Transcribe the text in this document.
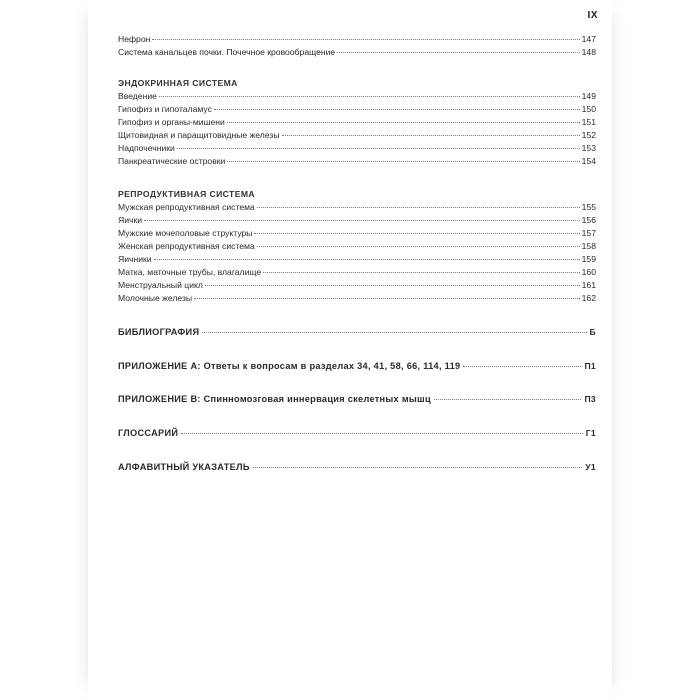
IX
Нефрон	147
Система канальцев почки. Почечное кровообращение	148
ЭНДОКРИННАЯ СИСТЕМА
Введение	149
Гипофиз и гипоталамус	150
Гипофиз и органы-мишени	151
Щитовидная и паращитовидные железы	152
Надпочечники	153
Панкреатические островки	154
РЕПРОДУКТИВНАЯ СИСТЕМА
Мужская репродуктивная система	155
Яички	156
Мужские мочеполовые структуры	157
Женская репродуктивная система	158
Яичники	159
Матка, маточные трубы, влагалище	160
Менструальный цикл	161
Молочные железы	162
БИБЛИОГРАФИЯ	Б
ПРИЛОЖЕНИЕ А: Ответы к вопросам в разделах 34, 41, 58, 66, 114, 119	П1
ПРИЛОЖЕНИЕ В: Спинномозговая иннервация скелетных мышц	П3
ГЛОССАРИЙ	Г1
АЛФАВИТНЫЙ УКАЗАТЕЛЬ	У1
